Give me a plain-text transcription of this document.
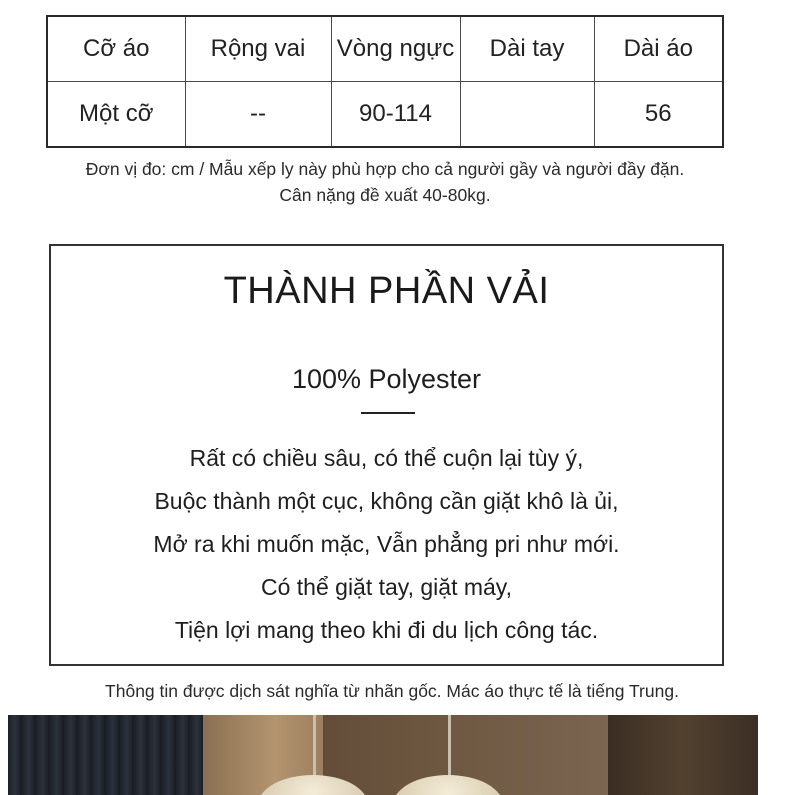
Cỡ áo	Rộng vai	Vòng ngực	Dài tay	Dài áo
Một cỡ	--	90-114		56
Đơn vị đo: cm / Mẫu xếp ly này phù hợp cho cả người gầy và người đầy đặn.
Cân nặng đề xuất 40-80kg.
THÀNH PHẦN VẢI
100% Polyester
Rất có chiều sâu, có thể cuộn lại tùy ý,
Buộc thành một cục, không cần giặt khô là ủi,
Mở ra khi muốn mặc, Vẫn phẳng pri như mới.
Có thể giặt tay, giặt máy,
Tiện lợi mang theo khi đi du lịch công tác.
Thông tin được dịch sát nghĩa từ nhãn gốc. Mác áo thực tế là tiếng Trung.
